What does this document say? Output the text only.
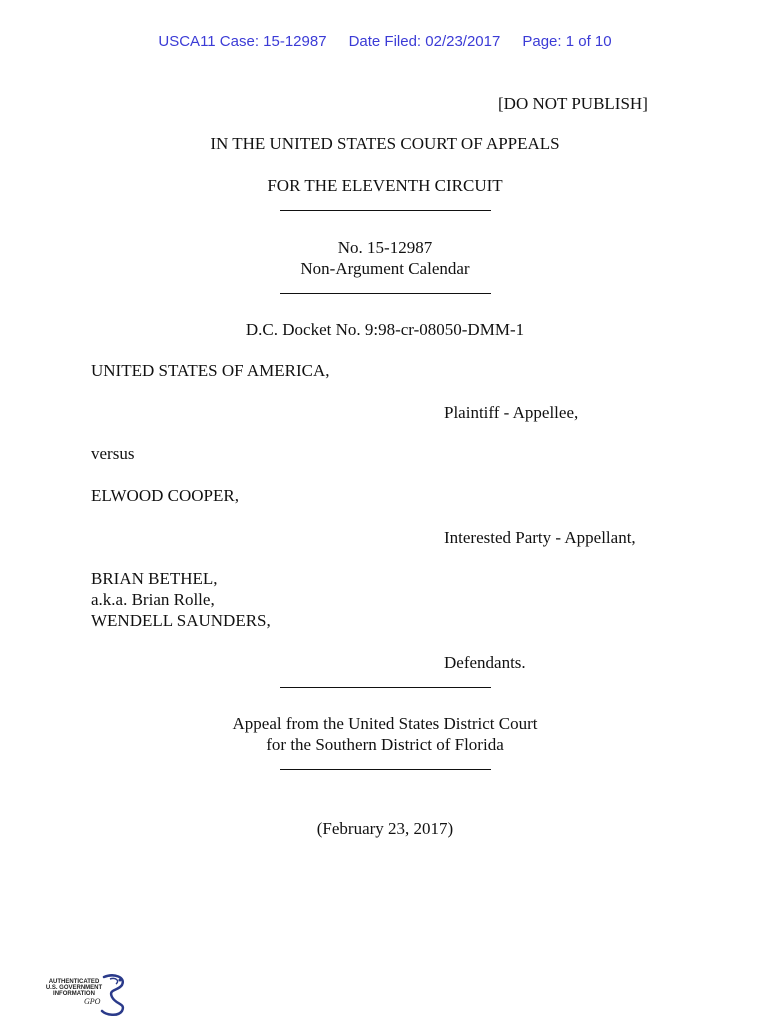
USCA11 Case: 15-12987 Date Filed: 02/23/2017 Page: 1 of 10
[DO NOT PUBLISH]
IN THE UNITED STATES COURT OF APPEALS
FOR THE ELEVENTH CIRCUIT
No. 15-12987
Non-Argument Calendar
D.C. Docket No. 9:98-cr-08050-DMM-1
UNITED STATES OF AMERICA,
Plaintiff - Appellee,
versus
ELWOOD COOPER,
Interested Party - Appellant,
BRIAN BETHEL,
a.k.a. Brian Rolle,
WENDELL SAUNDERS,
Defendants.
Appeal from the United States District Court
for the Southern District of Florida
(February 23, 2017)
AUTHENTICATED
U.S. GOVERNMENT
INFORMATION
GPO
